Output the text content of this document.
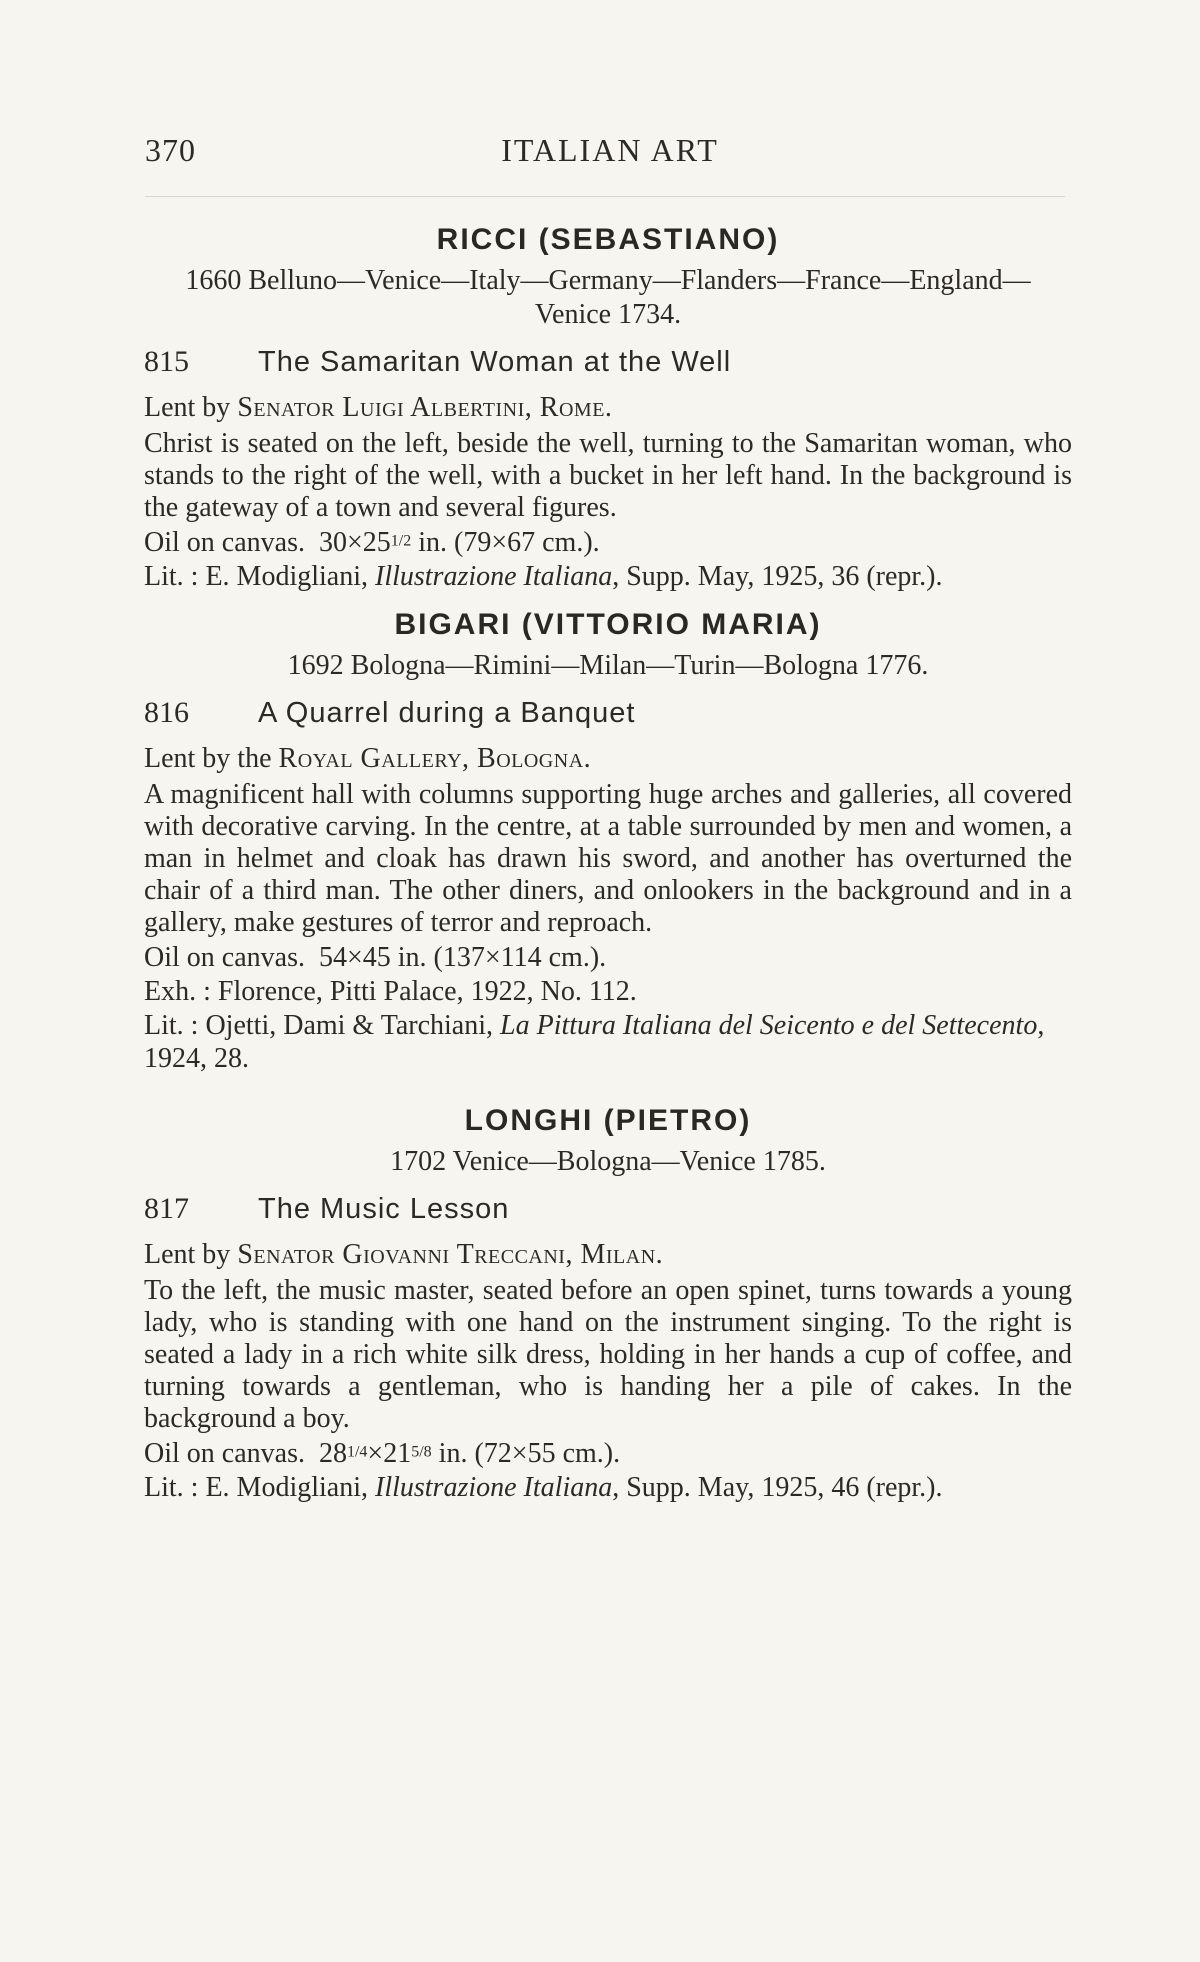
370	ITALIAN ART
RICCI (SEBASTIANO)

1660 Belluno—Venice—Italy—Germany—Flanders—France—England—Venice 1734.

815 The Samaritan Woman at the Well

Lent by Senator Luigi Albertini, Rome.

Christ is seated on the left, beside the well, turning to the Samaritan woman, who stands to the right of the well, with a bucket in her left hand. In the background is the gateway of a town and several figures.

Oil on canvas. 30×251/2 in. (79×67 cm.).

Lit. : E. Modigliani, Illustrazione Italiana, Supp. May, 1925, 36 (repr.).

BIGARI (VITTORIO MARIA)

1692 Bologna—Rimini—Milan—Turin—Bologna 1776.

816 A Quarrel during a Banquet

Lent by the Royal Gallery, Bologna.

A magnificent hall with columns supporting huge arches and galleries, all covered with decorative carving. In the centre, at a table surrounded by men and women, a man in helmet and cloak has drawn his sword, and another has overturned the chair of a third man. The other diners, and onlookers in the background and in a gallery, make gestures of terror and reproach.

Oil on canvas. 54×45 in. (137×114 cm.).

Exh. : Florence, Pitti Palace, 1922, No. 112.

Lit. : Ojetti, Dami & Tarchiani, La Pittura Italiana del Seicento e del Settecento, 1924, 28.

LONGHI (PIETRO)

1702 Venice—Bologna—Venice 1785.

817 The Music Lesson

Lent by Senator Giovanni Treccani, Milan.

To the left, the music master, seated before an open spinet, turns towards a young lady, who is standing with one hand on the instrument singing. To the right is seated a lady in a rich white silk dress, holding in her hands a cup of coffee, and turning towards a gentleman, who is handing her a pile of cakes. In the background a boy.

Oil on canvas. 281/4×215/8 in. (72×55 cm.).

Lit. : E. Modigliani, Illustrazione Italiana, Supp. May, 1925, 46 (repr.).
